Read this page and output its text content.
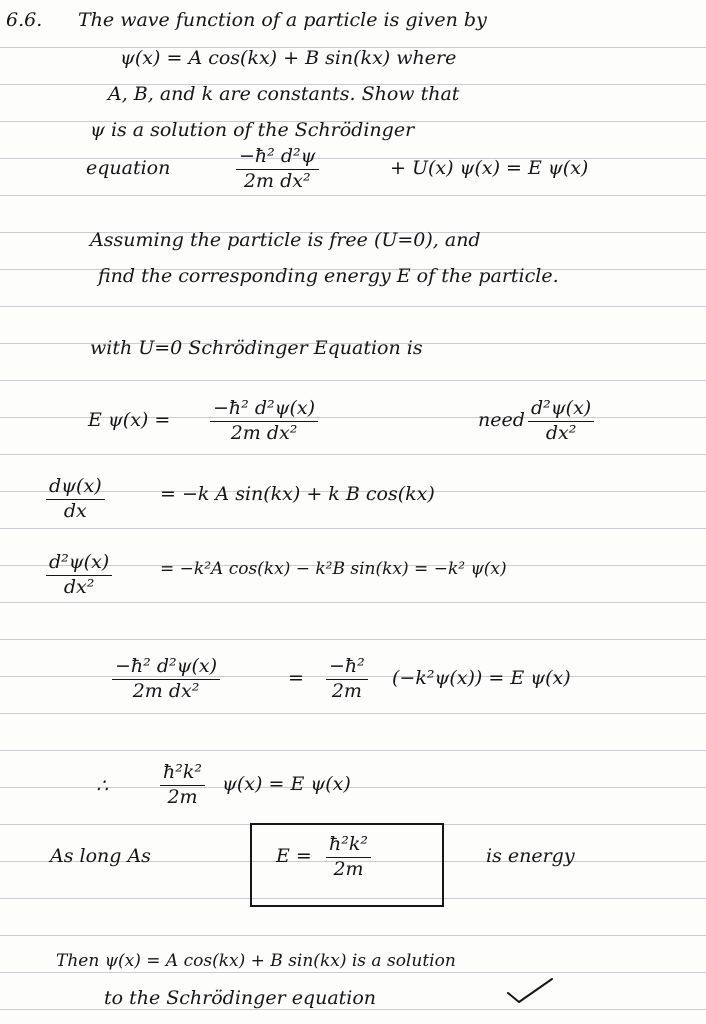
6.6. The wave function of a particle is given by
ψ(x) = A cos(kx) + B sin(kx) where
A, B, and k are constants. Show that
ψ is a solution of the Schrödinger
equation	$\frac{\text{−ħ² d²ψ}}{\text{2m dx²}}$	+ U(x) ψ(x) = E ψ(x)
Assuming the particle is free (U=0), and
find the corresponding energy E of the particle.
with U=0 Schrödinger Equation is
E $\psi(x) = \frac{\text{−ħ² d²ψ(x)}}{\text{2m dx²}}$	need $\frac{\text{d²ψ(x)}}{\text{dx²}}$
$\frac{d\psi(x)}{dx}$	= −k A sin(kx) + k B cos(kx)
$\frac{\text{d²ψ(x)}}{\text{dx²}}$	= −k²A cos(kx) − k²B sin(kx) = −k² ψ(x)
$\frac{\text{−ħ² d²ψ(x)}}{\text{2m dx²}}$	= $\frac{\text{−ħ²}}{2m} (-k^2\psi(x)) = E$ ψ(x)
∴	$\frac{\text{ħ²k²}}{2m} \psi(x) = E$ ψ(x)
As long As	$E = \frac{\text{ħ²k²}}{2m}$	is energy
Then ψ(x) = A cos(kx) + B sin(kx) is a solution
to the Schrödinger equation
